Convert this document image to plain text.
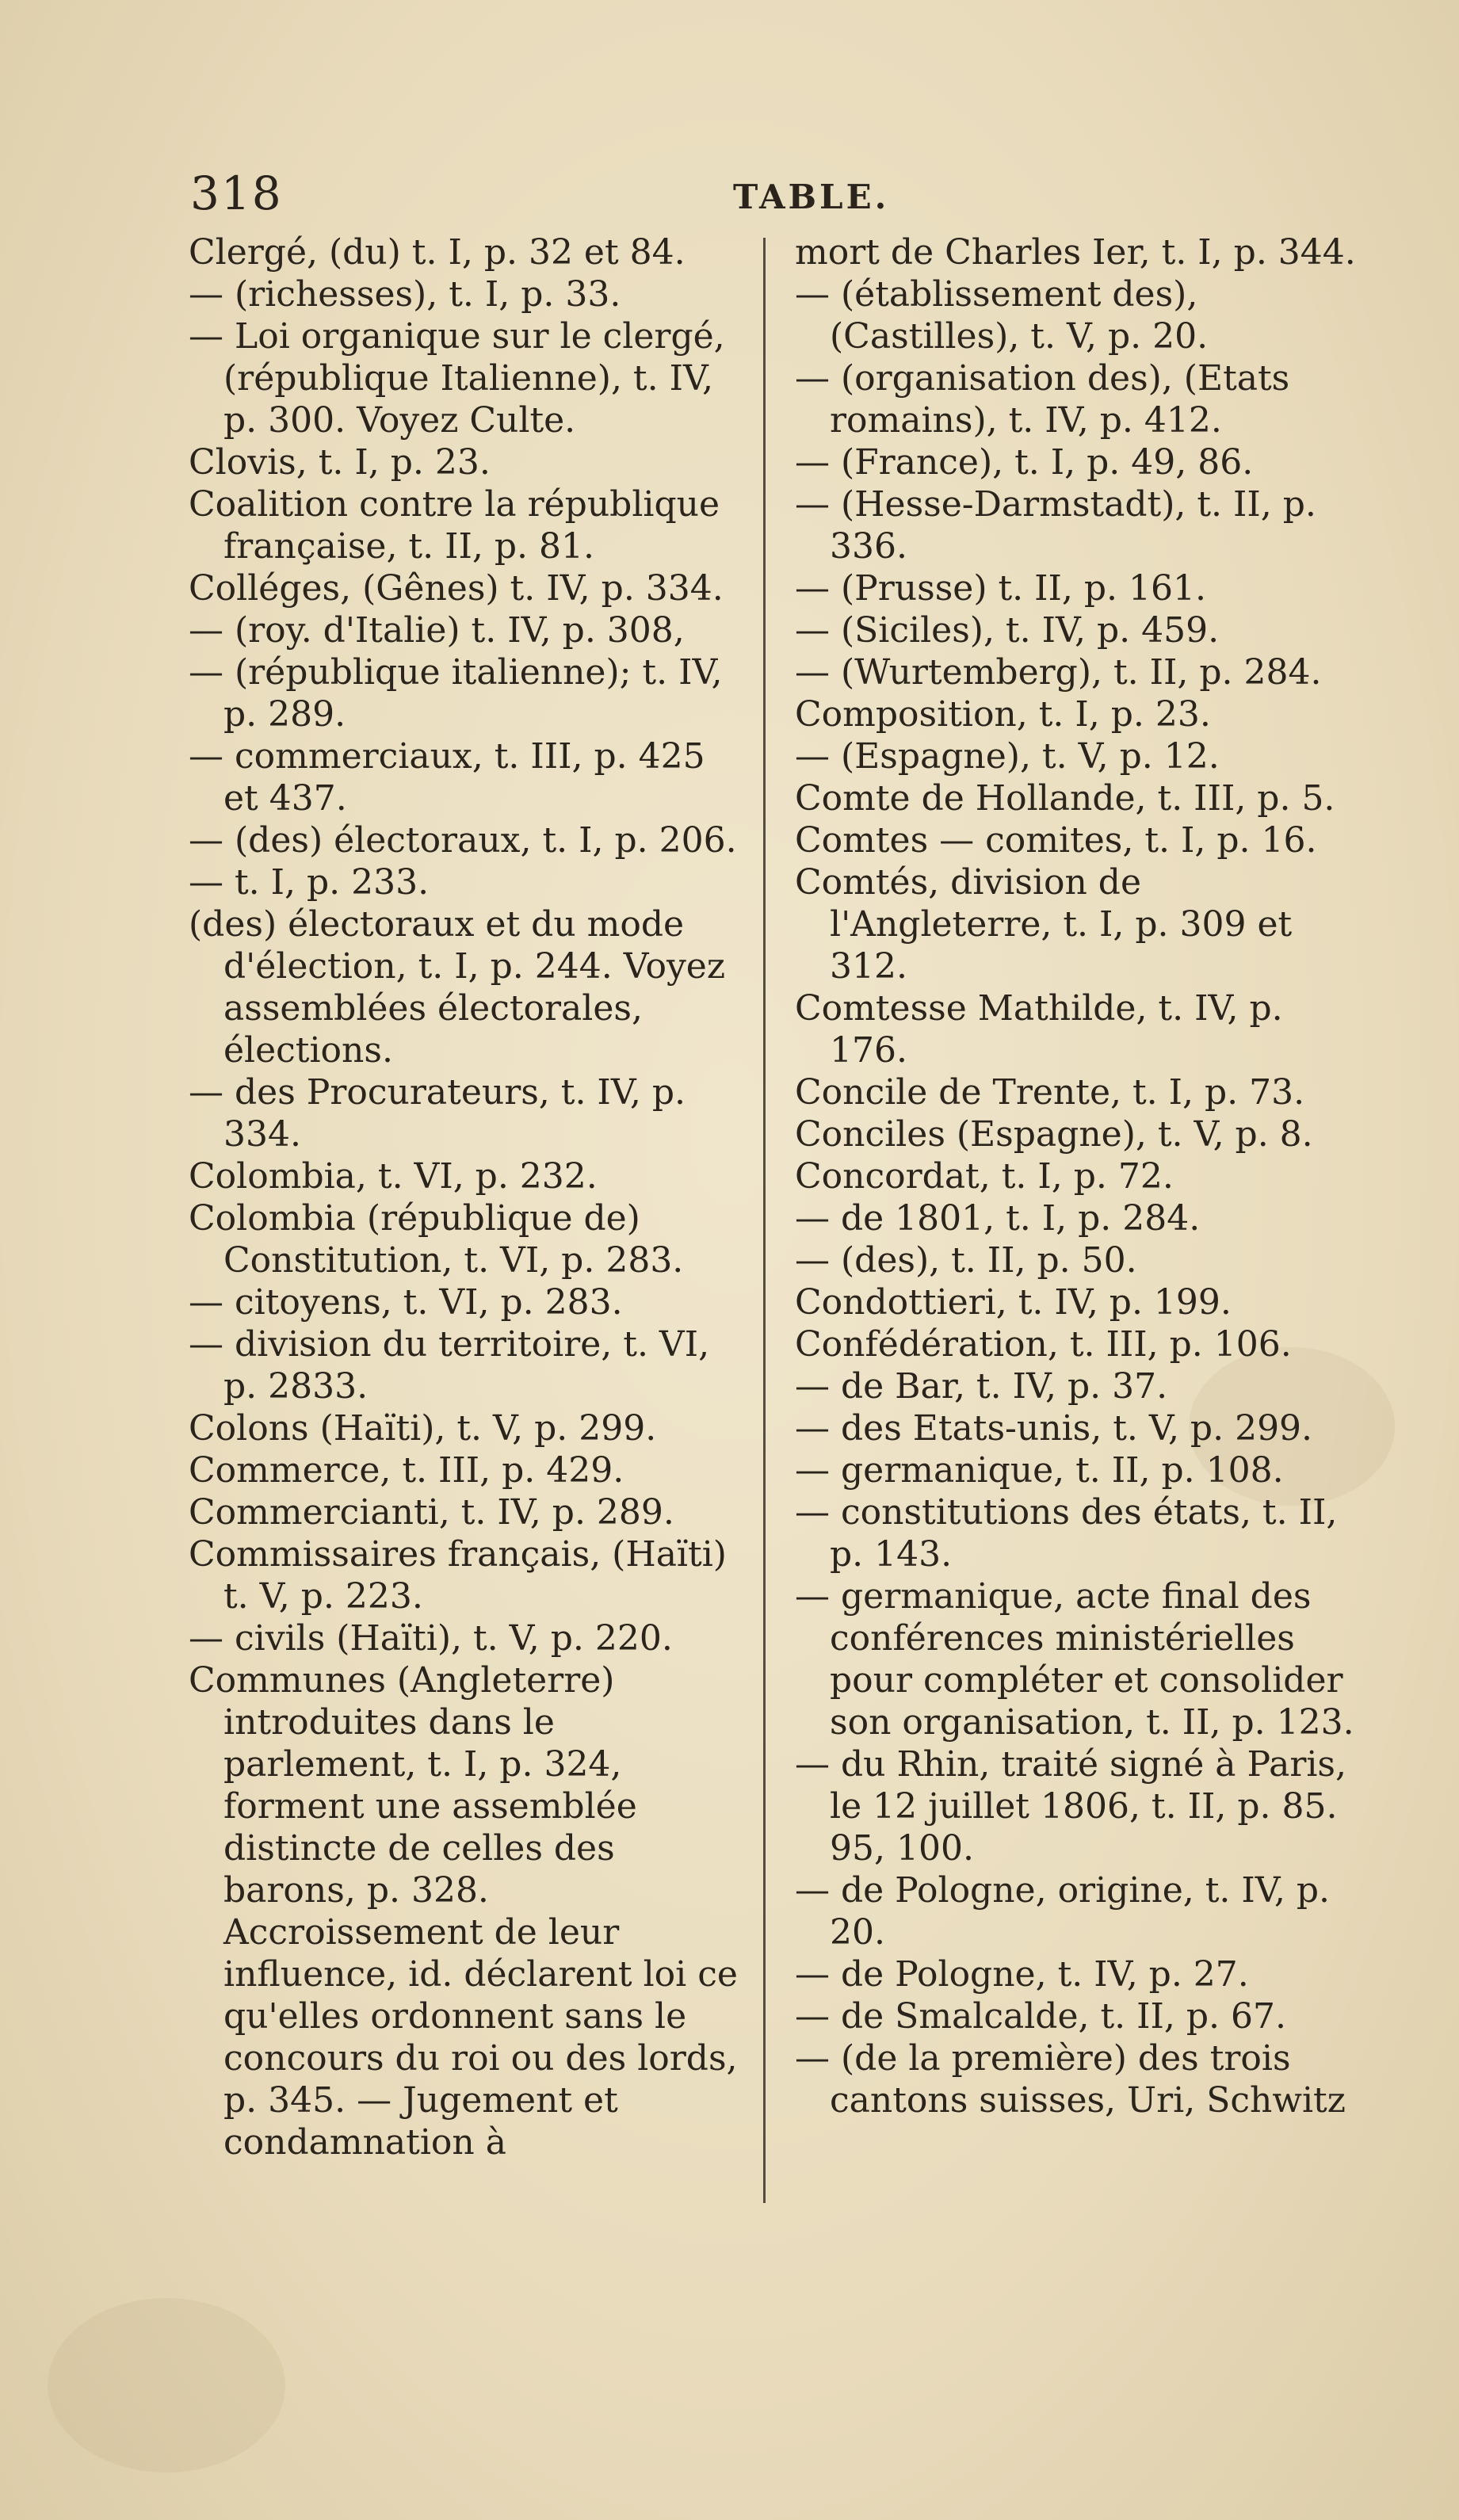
318	TABLE.

Clergé, (du) t. I, p. 32 et 84.

— (richesses), t. I, p. 33.

— Loi organique sur le clergé, (république Italienne), t. IV, p. 300. Voyez Culte.

Clovis, t. I, p. 23.

Coalition contre la république française, t. II, p. 81.

Colléges, (Gênes) t. IV, p. 334.

— (roy. d'Italie) t. IV, p. 308,

— (république italienne); t. IV, p. 289.

— commerciaux, t. III, p. 425 et 437.

— (des) électoraux, t. I, p. 206.

— t. I, p. 233.

(des) électoraux et du mode d'élection, t. I, p. 244. Voyez assemblées électorales, élections.

— des Procurateurs, t. IV, p. 334.

Colombia, t. VI, p. 232.

Colombia (république de) Constitution, t. VI, p. 283.

— citoyens, t. VI, p. 283.

— division du territoire, t. VI, p. 2833.

Colons (Haïti), t. V, p. 299.

Commerce, t. III, p. 429.

Commercianti, t. IV, p. 289.

Commissaires français, (Haïti) t. V, p. 223.

— civils (Haïti), t. V, p. 220.

Communes (Angleterre) introduites dans le parlement, t. I, p. 324, forment une assemblée distincte de celles des barons, p. 328. Accroissement de leur influence, id. déclarent loi ce qu'elles ordonnent sans le concours du roi ou des lords, p. 345. — Jugement et condamnation à

mort de Charles Ier, t. I, p. 344.

— (établissement des), (Castilles), t. V, p. 20.

— (organisation des), (Etats romains), t. IV, p. 412.

— (France), t. I, p. 49, 86.

— (Hesse-Darmstadt), t. II, p. 336.

— (Prusse) t. II, p. 161.

— (Siciles), t. IV, p. 459.

— (Wurtemberg), t. II, p. 284.

Composition, t. I, p. 23.

— (Espagne), t. V, p. 12.

Comte de Hollande, t. III, p. 5.

Comtes — comites, t. I, p. 16.

Comtés, division de l'Angleterre, t. I, p. 309 et 312.

Comtesse Mathilde, t. IV, p. 176.

Concile de Trente, t. I, p. 73.

Conciles (Espagne), t. V, p. 8.

Concordat, t. I, p. 72.

— de 1801, t. I, p. 284.

— (des), t. II, p. 50.

Condottieri, t. IV, p. 199.

Confédération, t. III, p. 106.

— de Bar, t. IV, p. 37.

— des Etats-unis, t. V, p. 299.

— germanique, t. II, p. 108.

— constitutions des états, t. II, p. 143.

— germanique, acte final des conférences ministérielles pour compléter et consolider son organisation, t. II, p. 123.

— du Rhin, traité signé à Paris, le 12 juillet 1806, t. II, p. 85. 95, 100.

— de Pologne, origine, t. IV, p. 20.

— de Pologne, t. IV, p. 27.

— de Smalcalde, t. II, p. 67.

— (de la première) des trois cantons suisses, Uri, Schwitz
